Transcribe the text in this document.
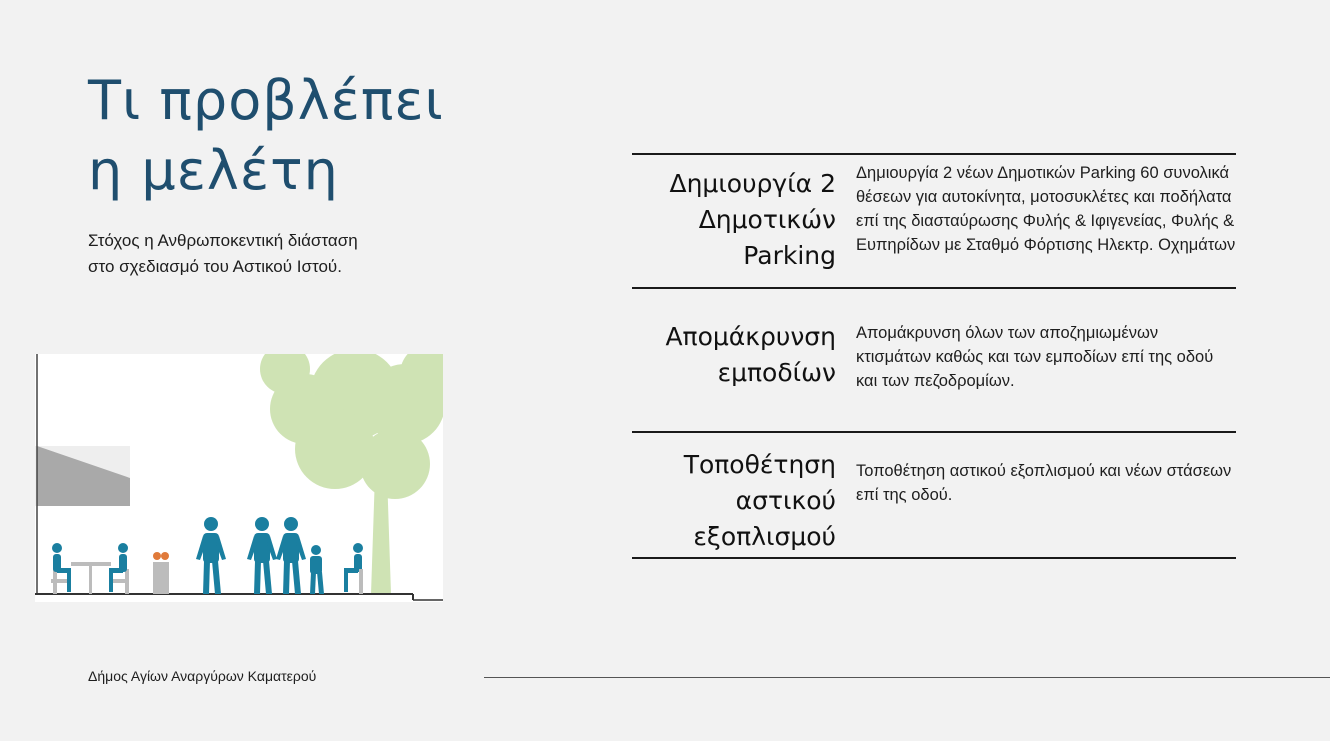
Τι προβλέπει
η μελέτη
Στόχος η Ανθρωποκεντική διάσταση στο σχεδιασμό του Αστικού Ιστού.
Δημιουργία 2 Δημοτικών Parking
Δημιουργία 2 νέων Δημοτικών Parking 60 συνολικά θέσεων για αυτοκίνητα, μοτοσυκλέτες και ποδήλατα επί της διασταύρωσης Φυλής & Ιφιγενείας, Φυλής & Ευπηρίδων με Σταθμό Φόρτισης Ηλεκτρ. Οχημάτων
Απομάκρυνση εμποδίων
Απομάκρυνση όλων των αποζημιωμένων κτισμάτων καθώς και των εμποδίων επί της οδού και των πεζοδρομίων.
Τοποθέτηση αστικού εξοπλισμού
Τοποθέτηση αστικού εξοπλισμού και νέων στάσεων επί της οδού.
Δήμος Αγίων Αναργύρων Καματερού
